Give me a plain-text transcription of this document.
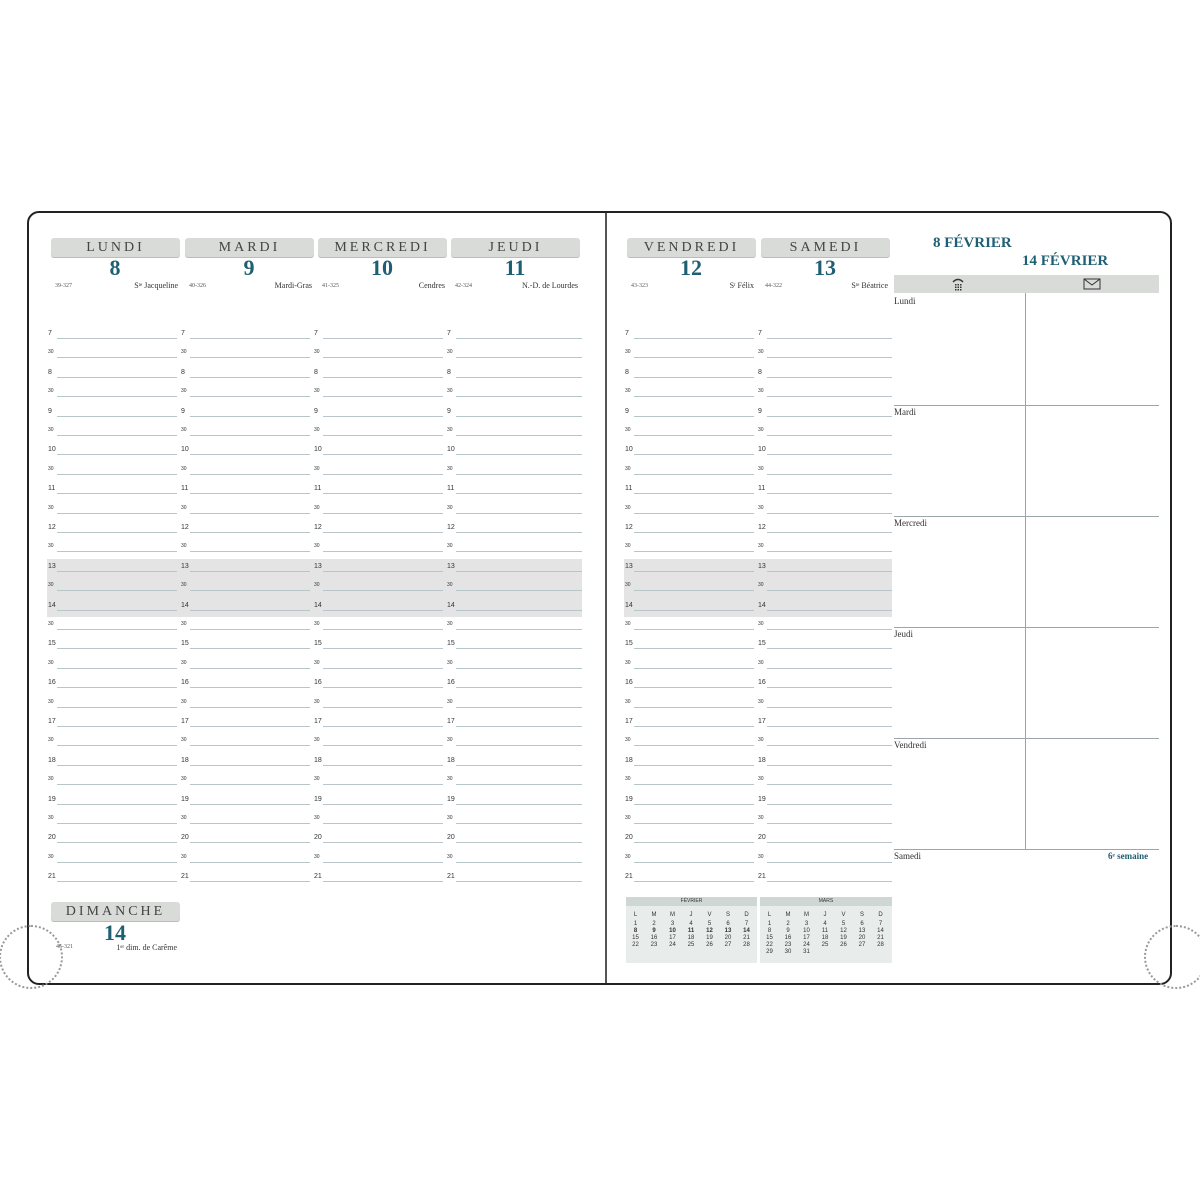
LUNDI
8
39-327	Sᵗᵉ Jacqueline
MARDI
9
40-326	Mardi-Gras
MERCREDI
10
41-325	Cendres
JEUDI
11
42-324	N.-D. de Lourdes
VENDREDI
12
43-323	Sᵗ Félix
SAMEDI
13
44-322	Sᵗᵉ Béatrice
DIMANCHE
14
45-321	1ᵉʳ dim. de Carême
7
30
8
30
9
30
10
30
11
30
12
30
13
30
14
30
15
30
16
30
17
30
18
30
19
30
20
30
21
7
30
8
30
9
30
10
30
11
30
12
30
13
30
14
30
15
30
16
30
17
30
18
30
19
30
20
30
21
7
30
8
30
9
30
10
30
11
30
12
30
13
30
14
30
15
30
16
30
17
30
18
30
19
30
20
30
21
7
30
8
30
9
30
10
30
11
30
12
30
13
30
14
30
15
30
16
30
17
30
18
30
19
30
20
30
21
7
30
8
30
9
30
10
30
11
30
12
30
13
30
14
30
15
30
16
30
17
30
18
30
19
30
20
30
21
7
30
8
30
9
30
10
30
11
30
12
30
13
30
14
30
15
30
16
30
17
30
18
30
19
30
20
30
21
8 FÉVRIER
14 FÉVRIER
Lundi
Mardi
Mercredi
Jeudi
Vendredi
Samedi	6ᵉ semaine
FÉVRIER
L	M	M	J	V	S	D
1	2	3	4	5	6	7
8	9	10	11	12	13	14
15	16	17	18	19	20	21
22	23	24	25	26	27	28
MARS
L	M	M	J	V	S	D
1	2	3	4	5	6	7
8	9	10	11	12	13	14
15	16	17	18	19	20	21
22	23	24	25	26	27	28
29	30	31
